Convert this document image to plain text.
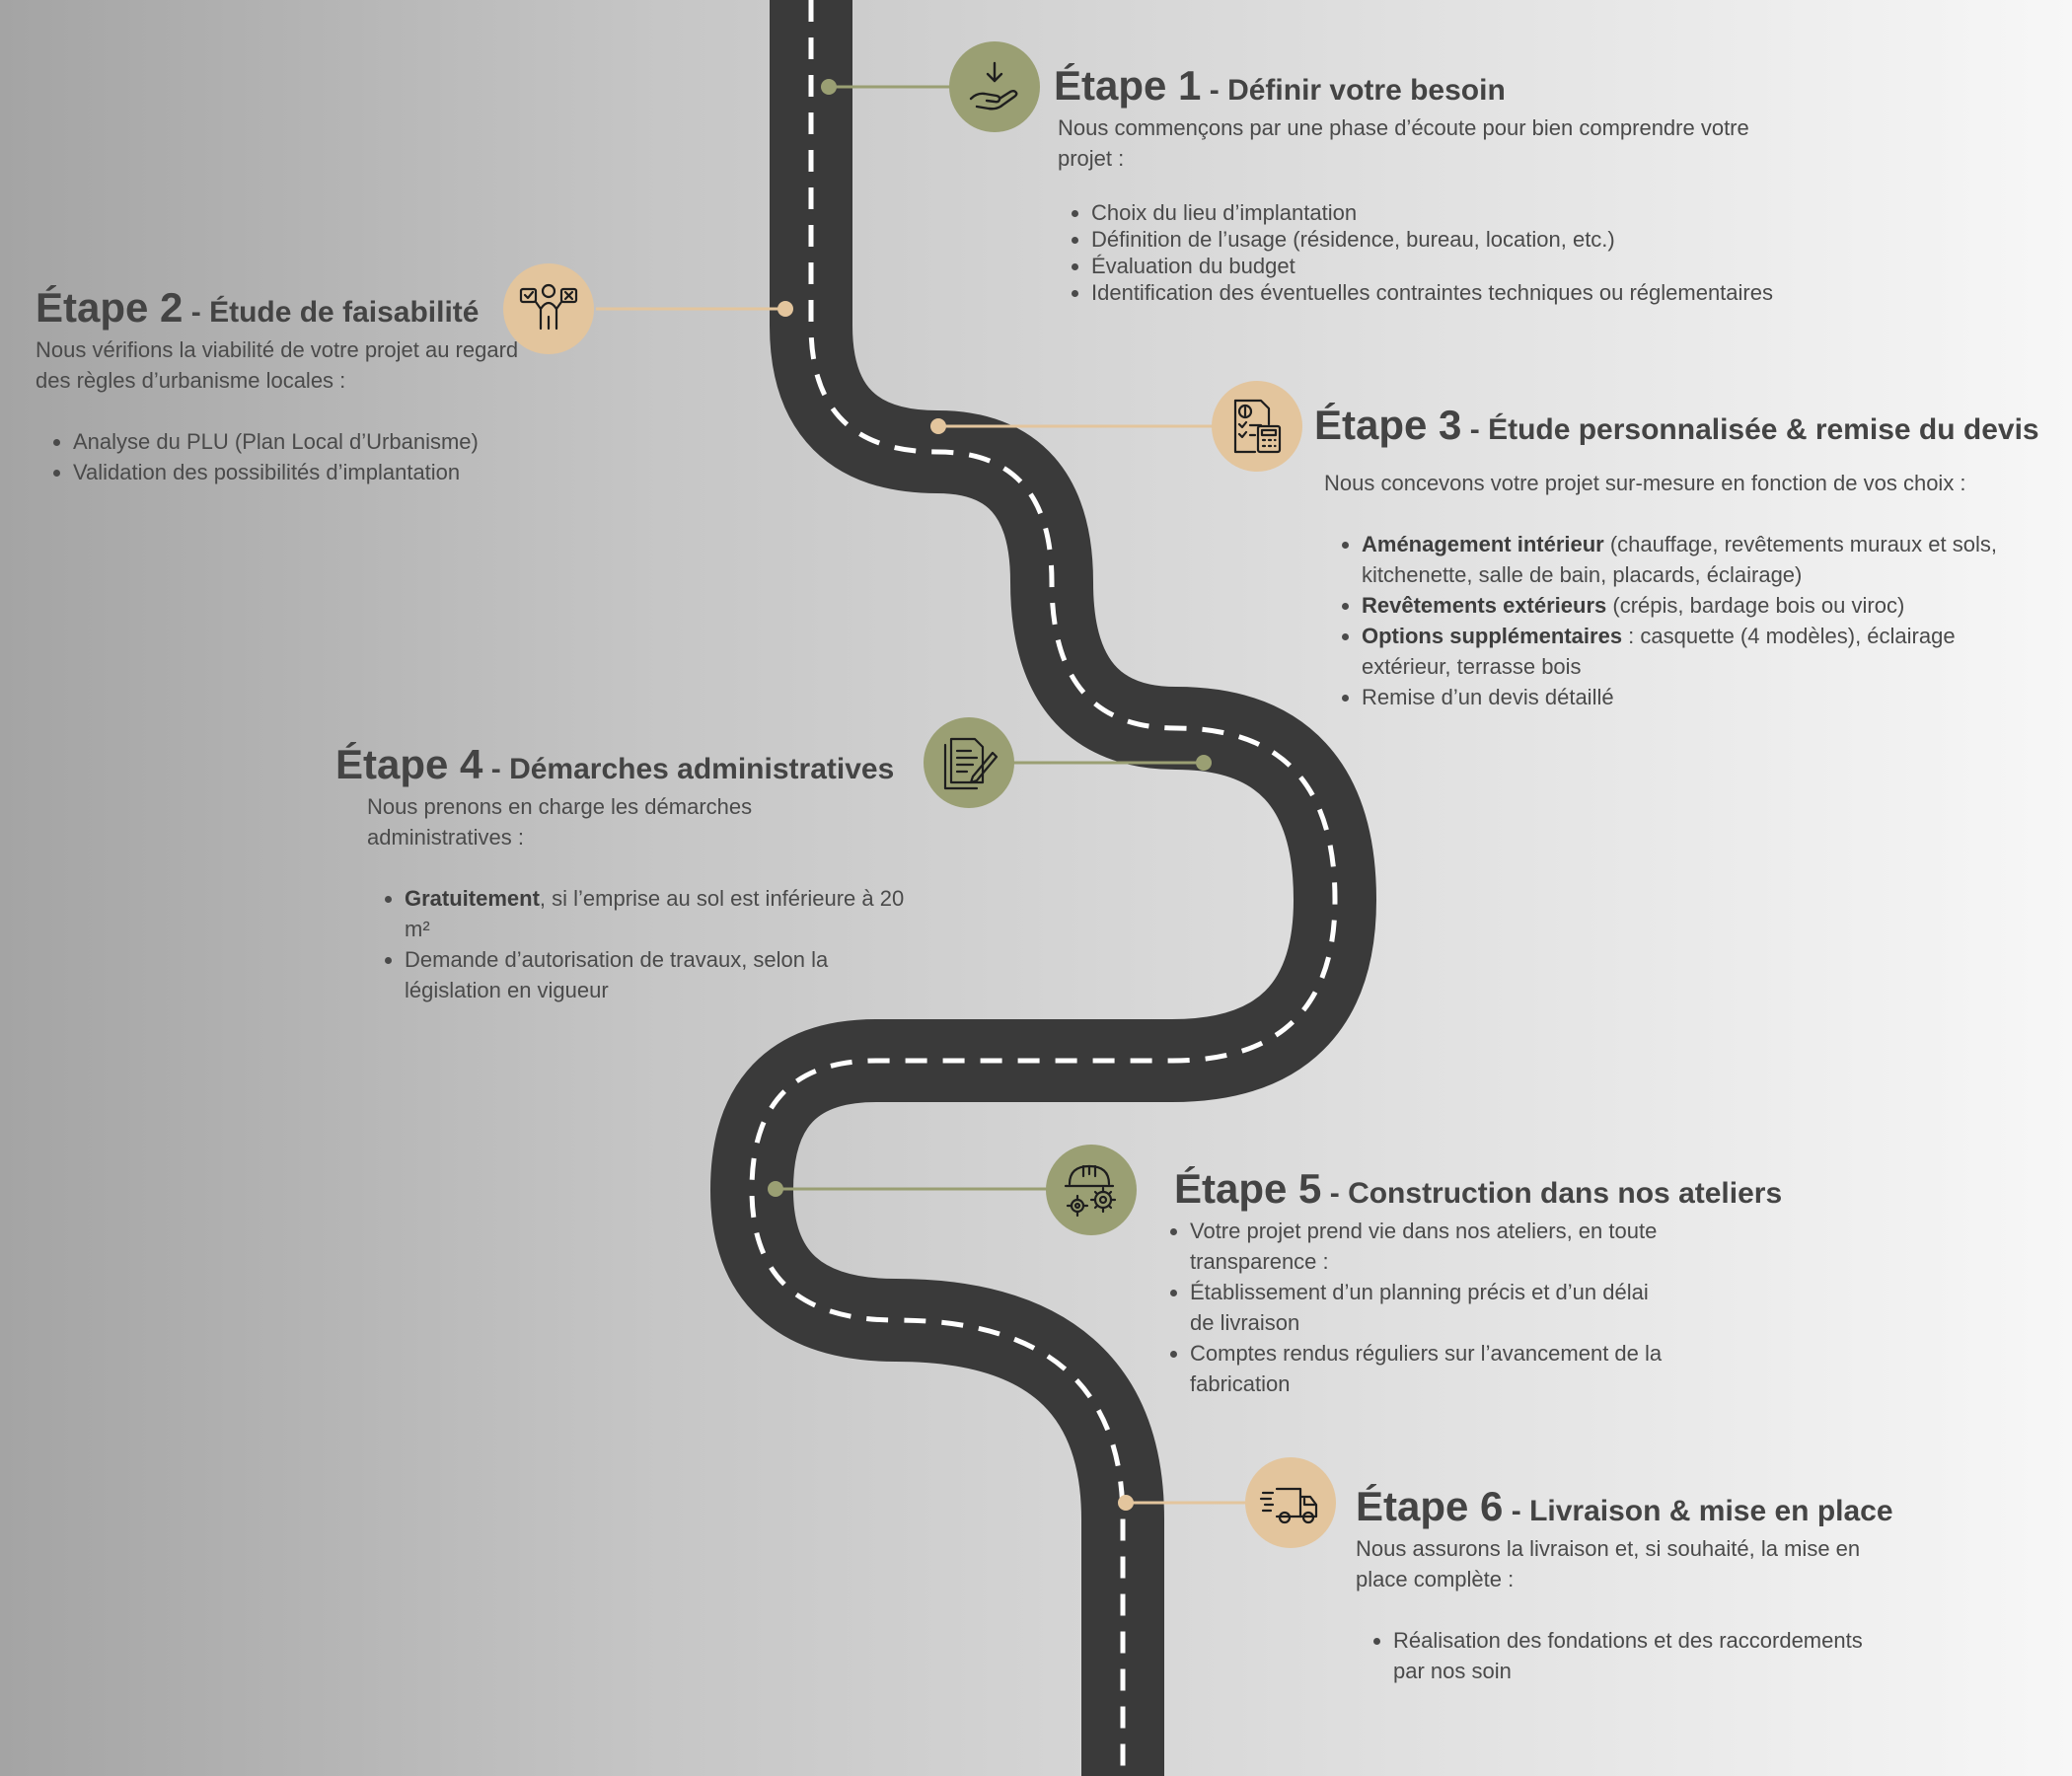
Étape 1 - Définir votre besoin

Nous commençons par une phase d’écoute pour bien comprendre votre projet :

• Choix du lieu d’implantation
• Définition de l’usage (résidence, bureau, location, etc.)
• Évaluation du budget
• Identification des éventuelles contraintes techniques ou réglementaires
Étape 2 - Étude de faisabilité

Nous vérifions la viabilité de votre projet au regard des règles d’urbanisme locales :

• Analyse du PLU (Plan Local d’Urbanisme)
• Validation des possibilités d’implantation
Étape 3 - Étude personnalisée & remise du devis

Nous concevons votre projet sur-mesure en fonction de vos choix :

• Aménagement intérieur (chauffage, revêtements muraux et sols, kitchenette, salle de bain, placards, éclairage)
• Revêtements extérieurs (crépis, bardage bois ou viroc)
• Options supplémentaires : casquette (4 modèles), éclairage extérieur, terrasse bois
• Remise d’un devis détaillé
Étape 4 - Démarches administratives

Nous prenons en charge les démarches administratives :

• Gratuitement, si l’emprise au sol est inférieure à 20 m²
• Demande d’autorisation de travaux, selon la législation en vigueur
Étape 5 - Construction dans nos ateliers
• Votre projet prend vie dans nos ateliers, en toute transparence :
• Établissement d’un planning précis et d’un délai de livraison
• Comptes rendus réguliers sur l’avancement de la fabrication
Étape 6 - Livraison & mise en place

Nous assurons la livraison et, si souhaité, la mise en place complète :

• Réalisation des fondations et des raccordements par nos soin
